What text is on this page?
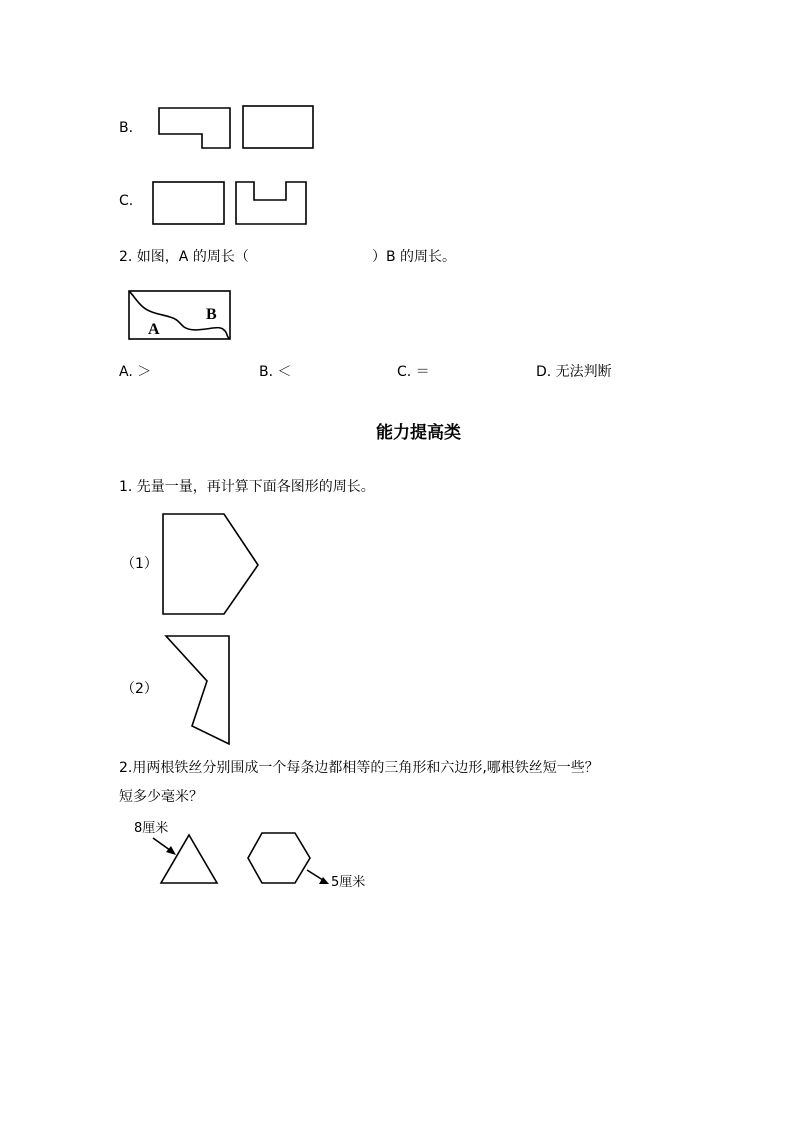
B.
C.
2. 如图，A 的周长（	）B 的周长。
A
B
A. ＞	B. ＜	C. ＝	D. 无法判断
能力提高类
1. 先量一量，再计算下面各图形的周长。
（1）
（2）
2.用两根铁丝分别围成一个每条边都相等的三角形和六边形,哪根铁丝短一些？
短多少毫米？
8厘米
5厘米
